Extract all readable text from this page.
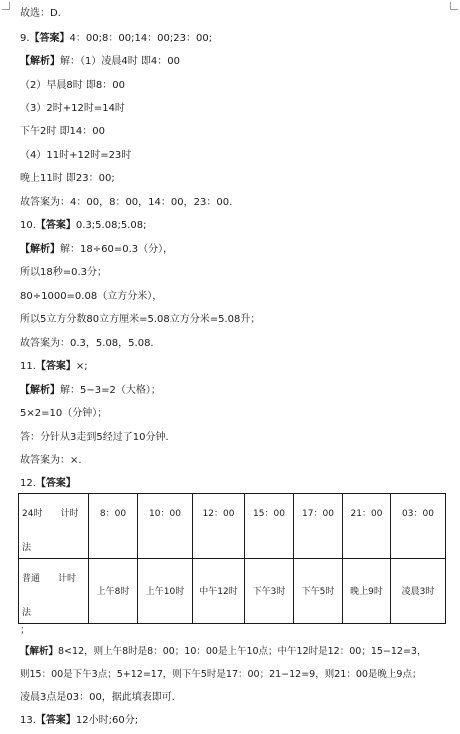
故选：D.
9.【答案】4：00;8：00;14：00;23：00;
【解析】解：（1）凌晨4时 即4：00
（2）早晨8时 即8：00
（3）2时+12时=14时
下午2时 即14：00
（4）11时+12时=23时
晚上11时 即23：00;
故答案为：4：00，8：00，14：00，23：00.
10.【答案】0.3;5.08;5.08;
【解析】解：18÷60=0.3（分），
所以18秒=0.3分；
80÷1000=0.08（立方分米），
所以5立方分数80立方厘米=5.08立方分米=5.08升；
故答案为：0.3，5.08，5.08.
11.【答案】×;
【解析】解：5−3=2（大格）；
5×2=10（分钟）；
答：分针从3走到5经过了10分钟.
故答案为：×.
12.【答案】
24时　　计时
法	8：00	10：00	12：00	15：00	17：00	21：00	03：00

普通　　计时
法	上午8时	上午10时	中午12时	下午3时	下午5时	晚上9时	凌晨3时
；
【解析】8<12，则上午8时是8：00；10：00是上午10点；中午12时是12：00；15−12=3，
则15：00是下午3点；5+12=17，则下午5时是17：00；21−12=9，则21：00是晚上9点；
凌晨3点是03：00，据此填表即可.
13.【答案】12小时;60分;
